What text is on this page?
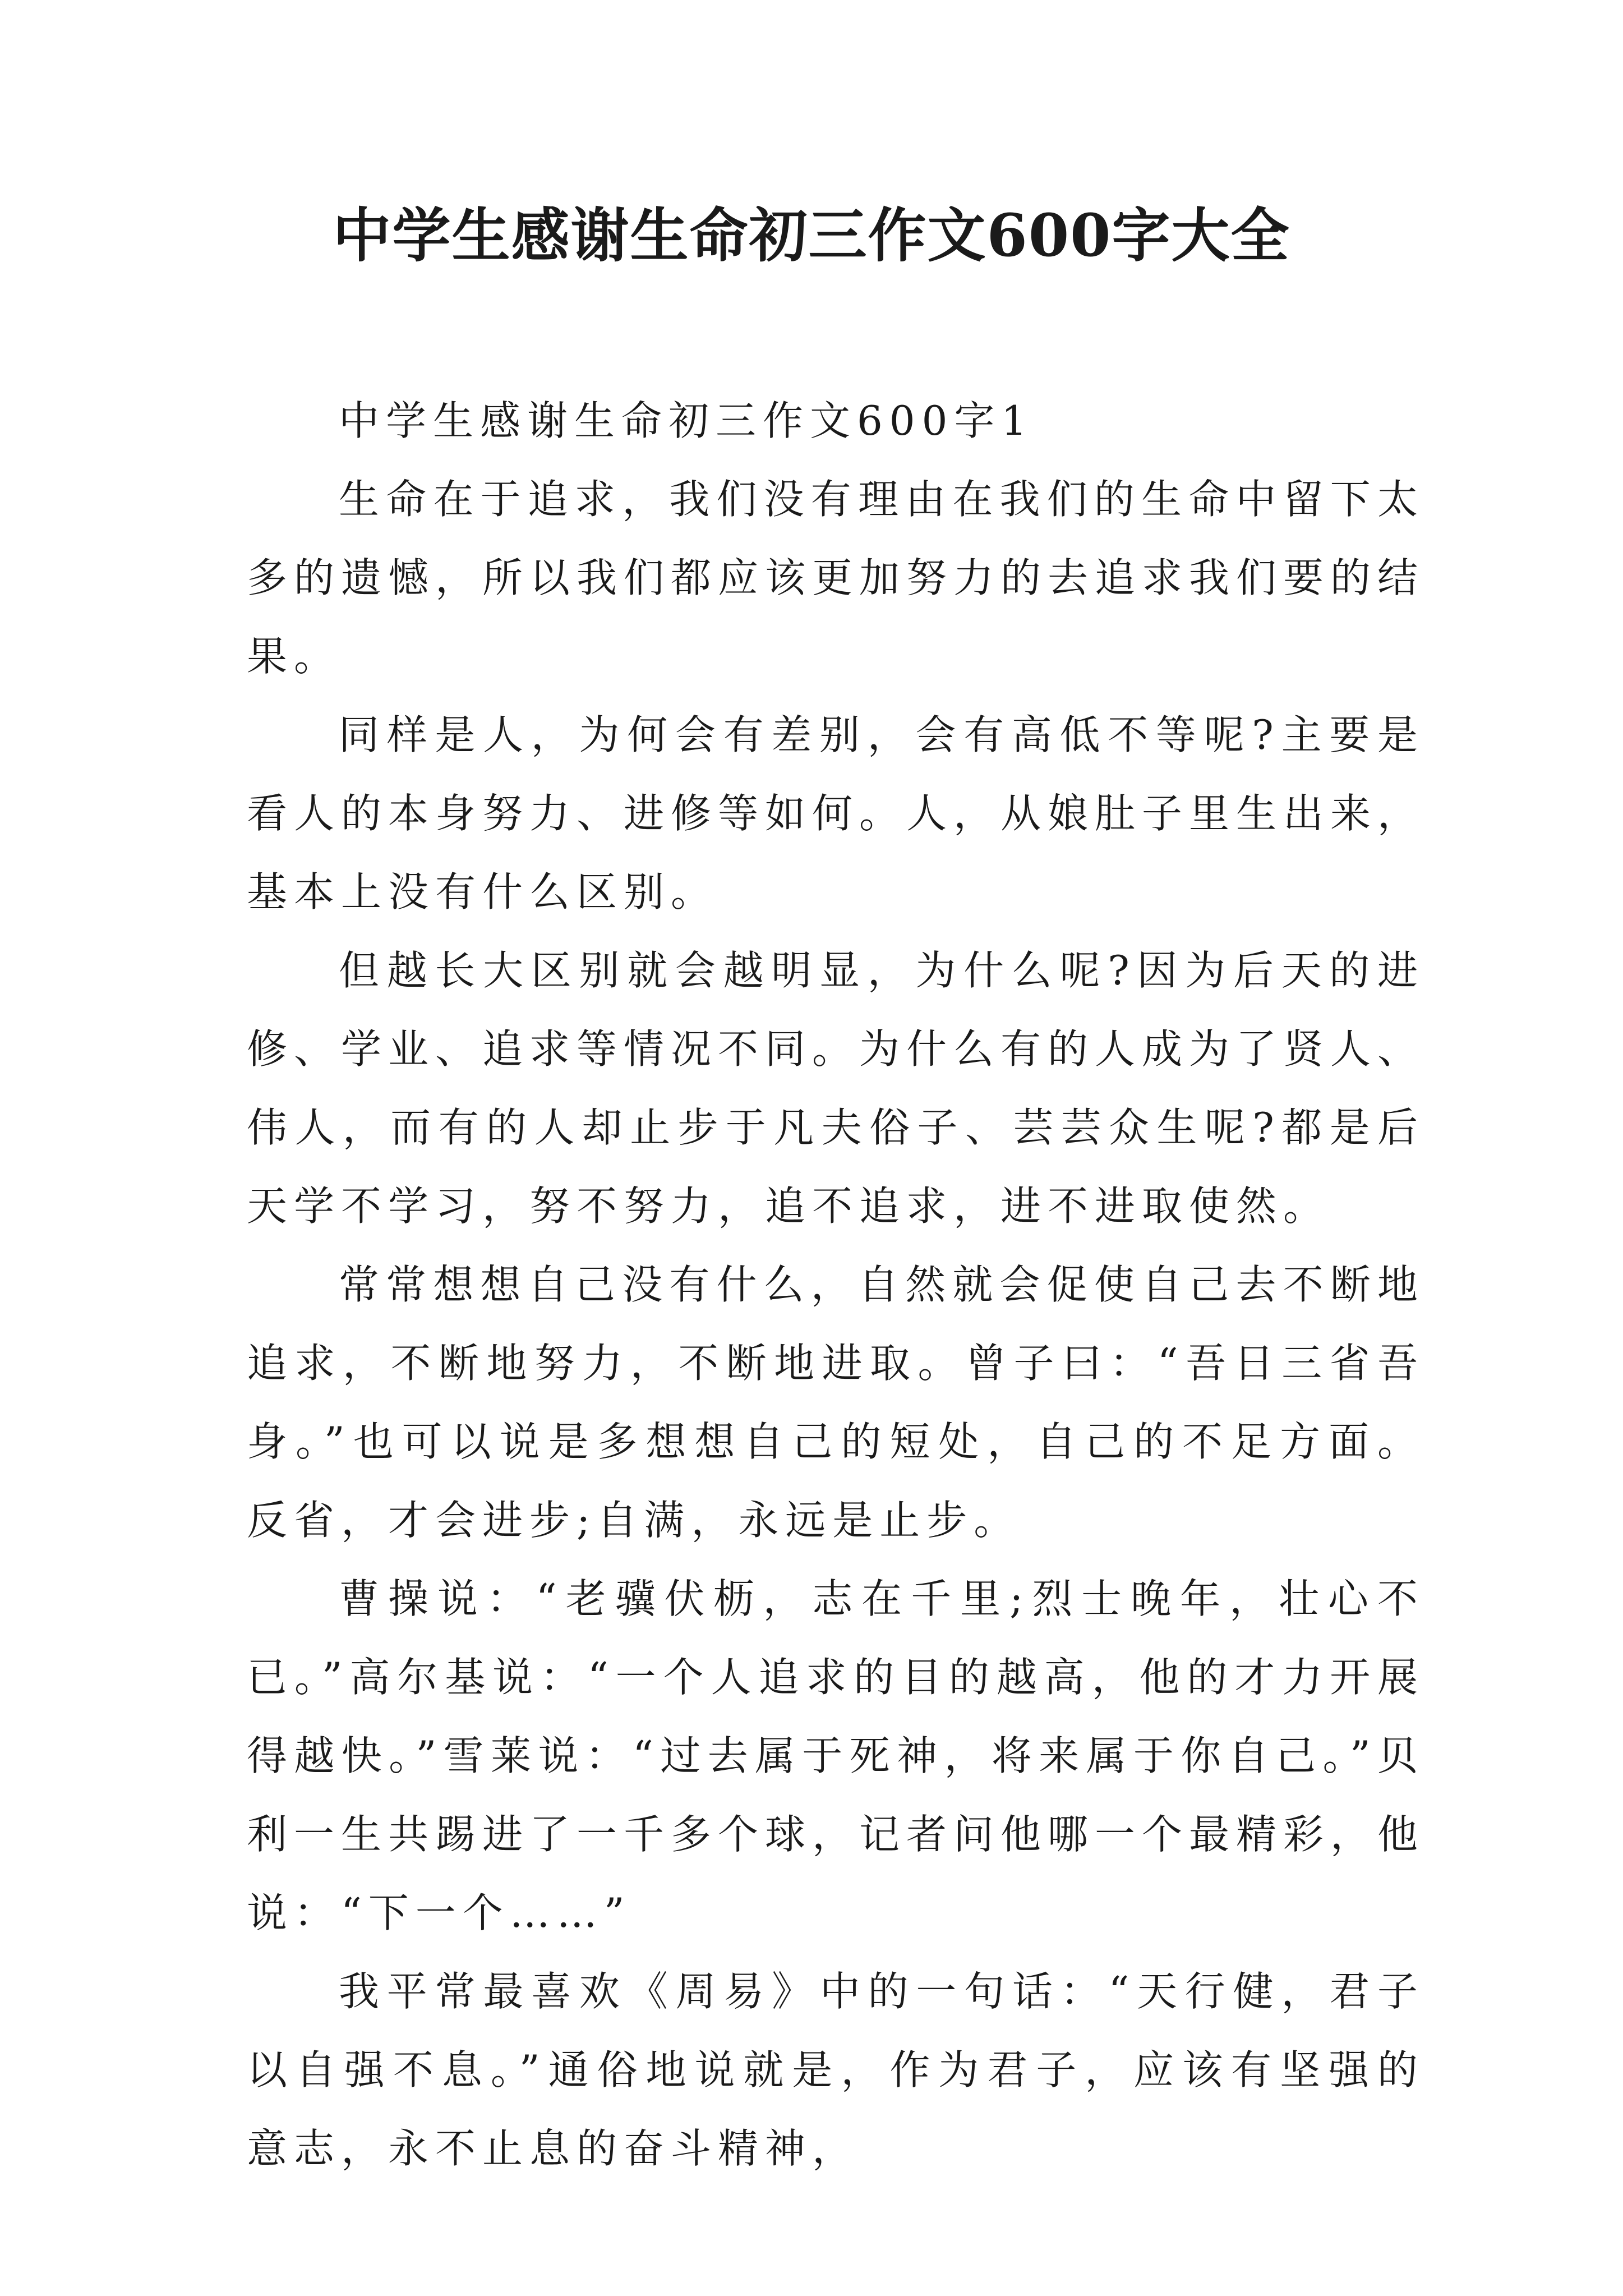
中学生感谢生命初三作文600字大全

中学生感谢生命初三作文600字1

生命在于追求，我们没有理由在我们的生命中留下太多的遗憾，所以我们都应该更加努力的去追求我们要的结果。

同样是人，为何会有差别，会有高低不等呢?主要是看人的本身努力、进修等如何。人，从娘肚子里生出来，基本上没有什么区别。

但越长大区别就会越明显，为什么呢?因为后天的进修、学业、追求等情况不同。为什么有的人成为了贤人、伟人，而有的人却止步于凡夫俗子、芸芸众生呢?都是后天学不学习，努不努力，追不追求，进不进取使然。

常常想想自己没有什么，自然就会促使自己去不断地追求，不断地努力，不断地进取。曾子曰：“吾日三省吾身。”也可以说是多想想自己的短处，自己的不足方面。反省，才会进步;自满，永远是止步。

曹操说：“老骥伏枥，志在千里;烈士晚年，壮心不已。”高尔基说：“一个人追求的目的越高，他的才力开展得越快。”雪莱说：“过去属于死神，将来属于你自己。”贝利一生共踢进了一千多个球，记者问他哪一个最精彩，他说：“下一个……”

我平常最喜欢《周易》中的一句话：“天行健，君子以自强不息。”通俗地说就是，作为君子，应该有坚强的意志，永不止息的奋斗精神，
